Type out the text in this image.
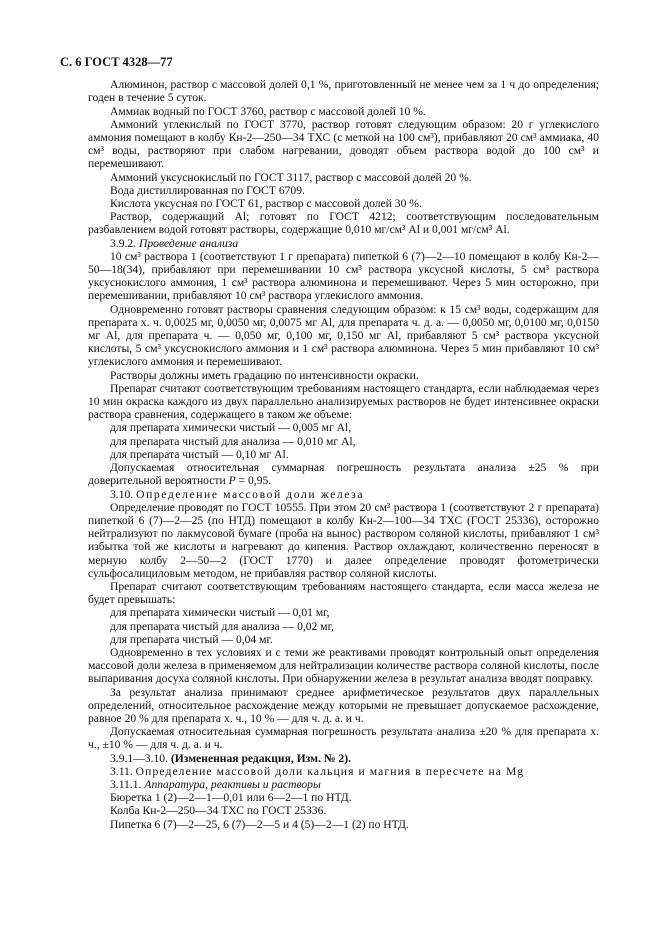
С. 6 ГОСТ 4328—77

Алюминон, раствор с массовой долей 0,1 %, приготовленный не менее чем за 1 ч до определения; годен в течение 5 суток.

Аммиак водный по ГОСТ 3760, раствор с массовой долей 10 %.

Аммоний углекислый по ГОСТ 3770, раствор готовят следующим образом: 20 г углекислого аммония помещают в колбу Кн-2—250—34 ТХС (с меткой на 100 см³), прибавляют 20 см³ аммиака, 40 см³ воды, растворяют при слабом нагревании, доводят объем раствора водой до 100 см³ и перемешивают.

Аммоний уксуснокислый по ГОСТ 3117, раствор с массовой долей 20 %.

Вода дистиллированная по ГОСТ 6709.

Кислота уксусная по ГОСТ 61, раствор с массовой долей 30 %.

Раствор, содержащий Al; готовят по ГОСТ 4212; соответствующим последовательным разбавлением водой готовят растворы, содержащие 0,010 мг/см³ Al и 0,001 мг/см³ Al.

3.9.2. Проведение анализа

10 см³ раствора 1 (соответствуют 1 г препарата) пипеткой 6 (7)—2—10 помещают в колбу Кн-2—50—18(34), прибавляют при перемешивании 10 см³ раствора уксусной кислоты, 5 см³ раствора уксуснокислого аммония, 1 см³ раствора алюминона и перемешивают. Через 5 мин осторожно, при перемешивании, прибавляют 10 см³ раствора углекислого аммония.

Одновременно готовят растворы сравнения следующим образом: к 15 см³ воды, содержащим для препарата х. ч. 0,0025 мг, 0,0050 мг, 0,0075 мг Al, для препарата ч. д. а. — 0,0050 мг, 0,0100 мг, 0,0150 мг Al, для препарата ч. — 0,050 мг, 0,100 мг, 0,150 мг Al, прибавляют 5 см³ раствора уксусной кислоты, 5 см³ уксуснокислого аммония и 1 см³ раствора алюминона. Через 5 мин прибавляют 10 см³ углекислого аммония и перемешивают.

Растворы должны иметь градацию по интенсивности окраски.

Препарат считают соответствующим требованиям настоящего стандарта, если наблюдаемая через 10 мин окраска каждого из двух параллельно анализируемых растворов не будет интенсивнее окраски раствора сравнения, содержащего в таком же объеме:

для препарата химически чистый — 0,005 мг Al,

для препарата чистый для анализа — 0,010 мг Al,

для препарата чистый — 0,10 мг Al.

Допускаемая относительная суммарная погрешность результата анализа ±25 % при доверительной вероятности P = 0,95.

3.10. Определение массовой доли железа

Определение проводят по ГОСТ 10555. При этом 20 см³ раствора 1 (соответствуют 2 г препарата) пипеткой 6 (7)—2—25 (по НТД) помещают в колбу Кн-2—100—34 ТХС (ГОСТ 25336), осторожно нейтрализуют по лакмусовой бумаге (проба на вынос) раствором соляной кислоты, прибавляют 1 см³ избытка той же кислоты и нагревают до кипения. Раствор охлаждают, количественно переносят в мерную колбу 2—50—2 (ГОСТ 1770) и далее определение проводят фотометрически сульфосалициловым методом, не прибавляя раствор соляной кислоты.

Препарат считают соответствующим требованиям настоящего стандарта, если масса железа не будет превышать:

для препарата химически чистый — 0,01 мг,

для препарата чистый для анализа — 0,02 мг,

для препарата чистый — 0,04 мг.

Одновременно в тех условиях и с теми же реактивами проводят контрольный опыт определения массовой доли железа в применяемом для нейтрализации количестве раствора соляной кислоты, после выпаривания досуха соляной кислоты. При обнаружении железа в результат анализа вводят поправку.

За результат анализа принимают среднее арифметическое результатов двух параллельных определений, относительное расхождение между которыми не превышает допускаемое расхождение, равное 20 % для препарата х. ч., 10 % — для ч. д. а. и ч.

Допускаемая относительная суммарная погрешность результата анализа ±20 % для препарата х. ч., ±10 % — для ч. д. а. и ч.

3.9.1—3.10. (Измененная редакция, Изм. № 2).

3.11. Определение массовой доли кальция и магния в пересчете на Mg

3.11.1. Аппаратура, реактивы и растворы

Бюретка 1 (2)—2—1—0,01 или 6—2—1 по НТД.

Колба Кн-2—250—34 ТХС по ГОСТ 25336.

Пипетка 6 (7)—2—25, 6 (7)—2—5 и 4 (5)—2—1 (2) по НТД.
